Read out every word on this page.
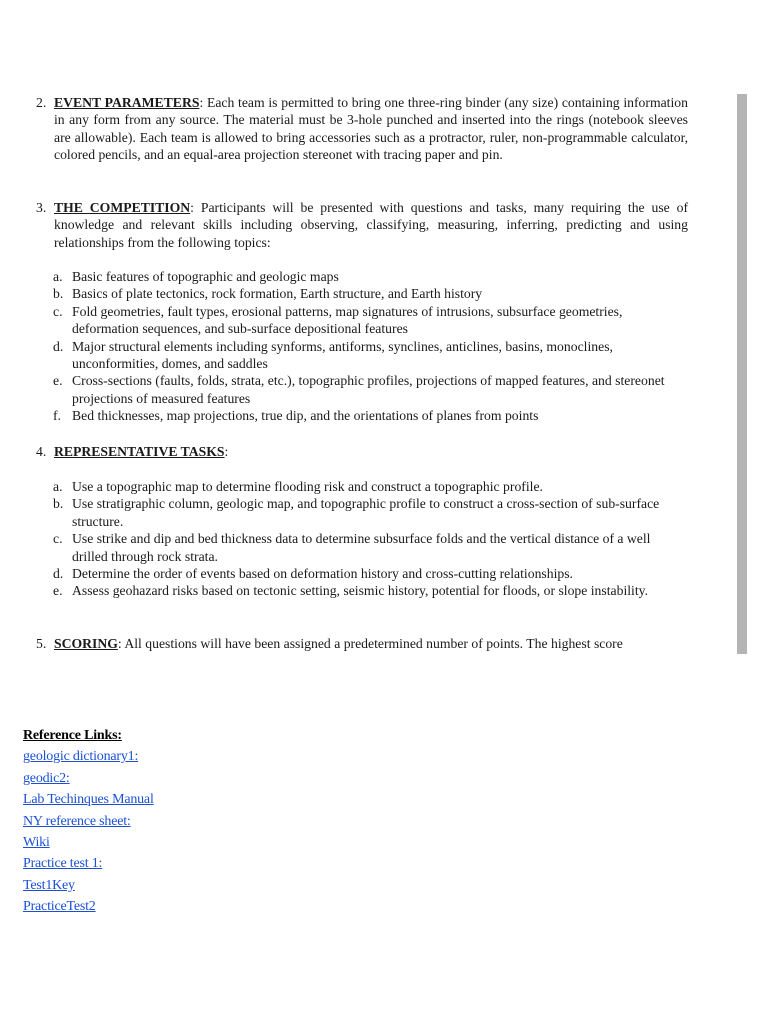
2. EVENT PARAMETERS: Each team is permitted to bring one three-ring binder (any size) containing information in any form from any source. The material must be 3-hole punched and inserted into the rings (notebook sleeves are allowable). Each team is allowed to bring accessories such as a protractor, ruler, non-programmable calculator, colored pencils, and an equal-area projection stereonet with tracing paper and pin.
3. THE COMPETITION: Participants will be presented with questions and tasks, many requiring the use of knowledge and relevant skills including observing, classifying, measuring, inferring, predicting and using relationships from the following topics:
a. Basic features of topographic and geologic maps
b. Basics of plate tectonics, rock formation, Earth structure, and Earth history
c. Fold geometries, fault types, erosional patterns, map signatures of intrusions, subsurface geometries, deformation sequences, and sub-surface depositional features
d. Major structural elements including synforms, antiforms, synclines, anticlines, basins, monoclines, unconformities, domes, and saddles
e. Cross-sections (faults, folds, strata, etc.), topographic profiles, projections of mapped features, and stereonet projections of measured features
f. Bed thicknesses, map projections, true dip, and the orientations of planes from points
4. REPRESENTATIVE TASKS:
a. Use a topographic map to determine flooding risk and construct a topographic profile.
b. Use stratigraphic column, geologic map, and topographic profile to construct a cross-section of sub-surface structure.
c. Use strike and dip and bed thickness data to determine subsurface folds and the vertical distance of a well drilled through rock strata.
d. Determine the order of events based on deformation history and cross-cutting relationships.
e. Assess geohazard risks based on tectonic setting, seismic history, potential for floods, or slope instability.
5. SCORING: All questions will have been assigned a predetermined number of points. The highest score
Reference Links:
geologic dictionary1:
geodic2:
Lab Techinques Manual
NY reference sheet:
Wiki
Practice test 1:
Test1Key
PracticeTest2
